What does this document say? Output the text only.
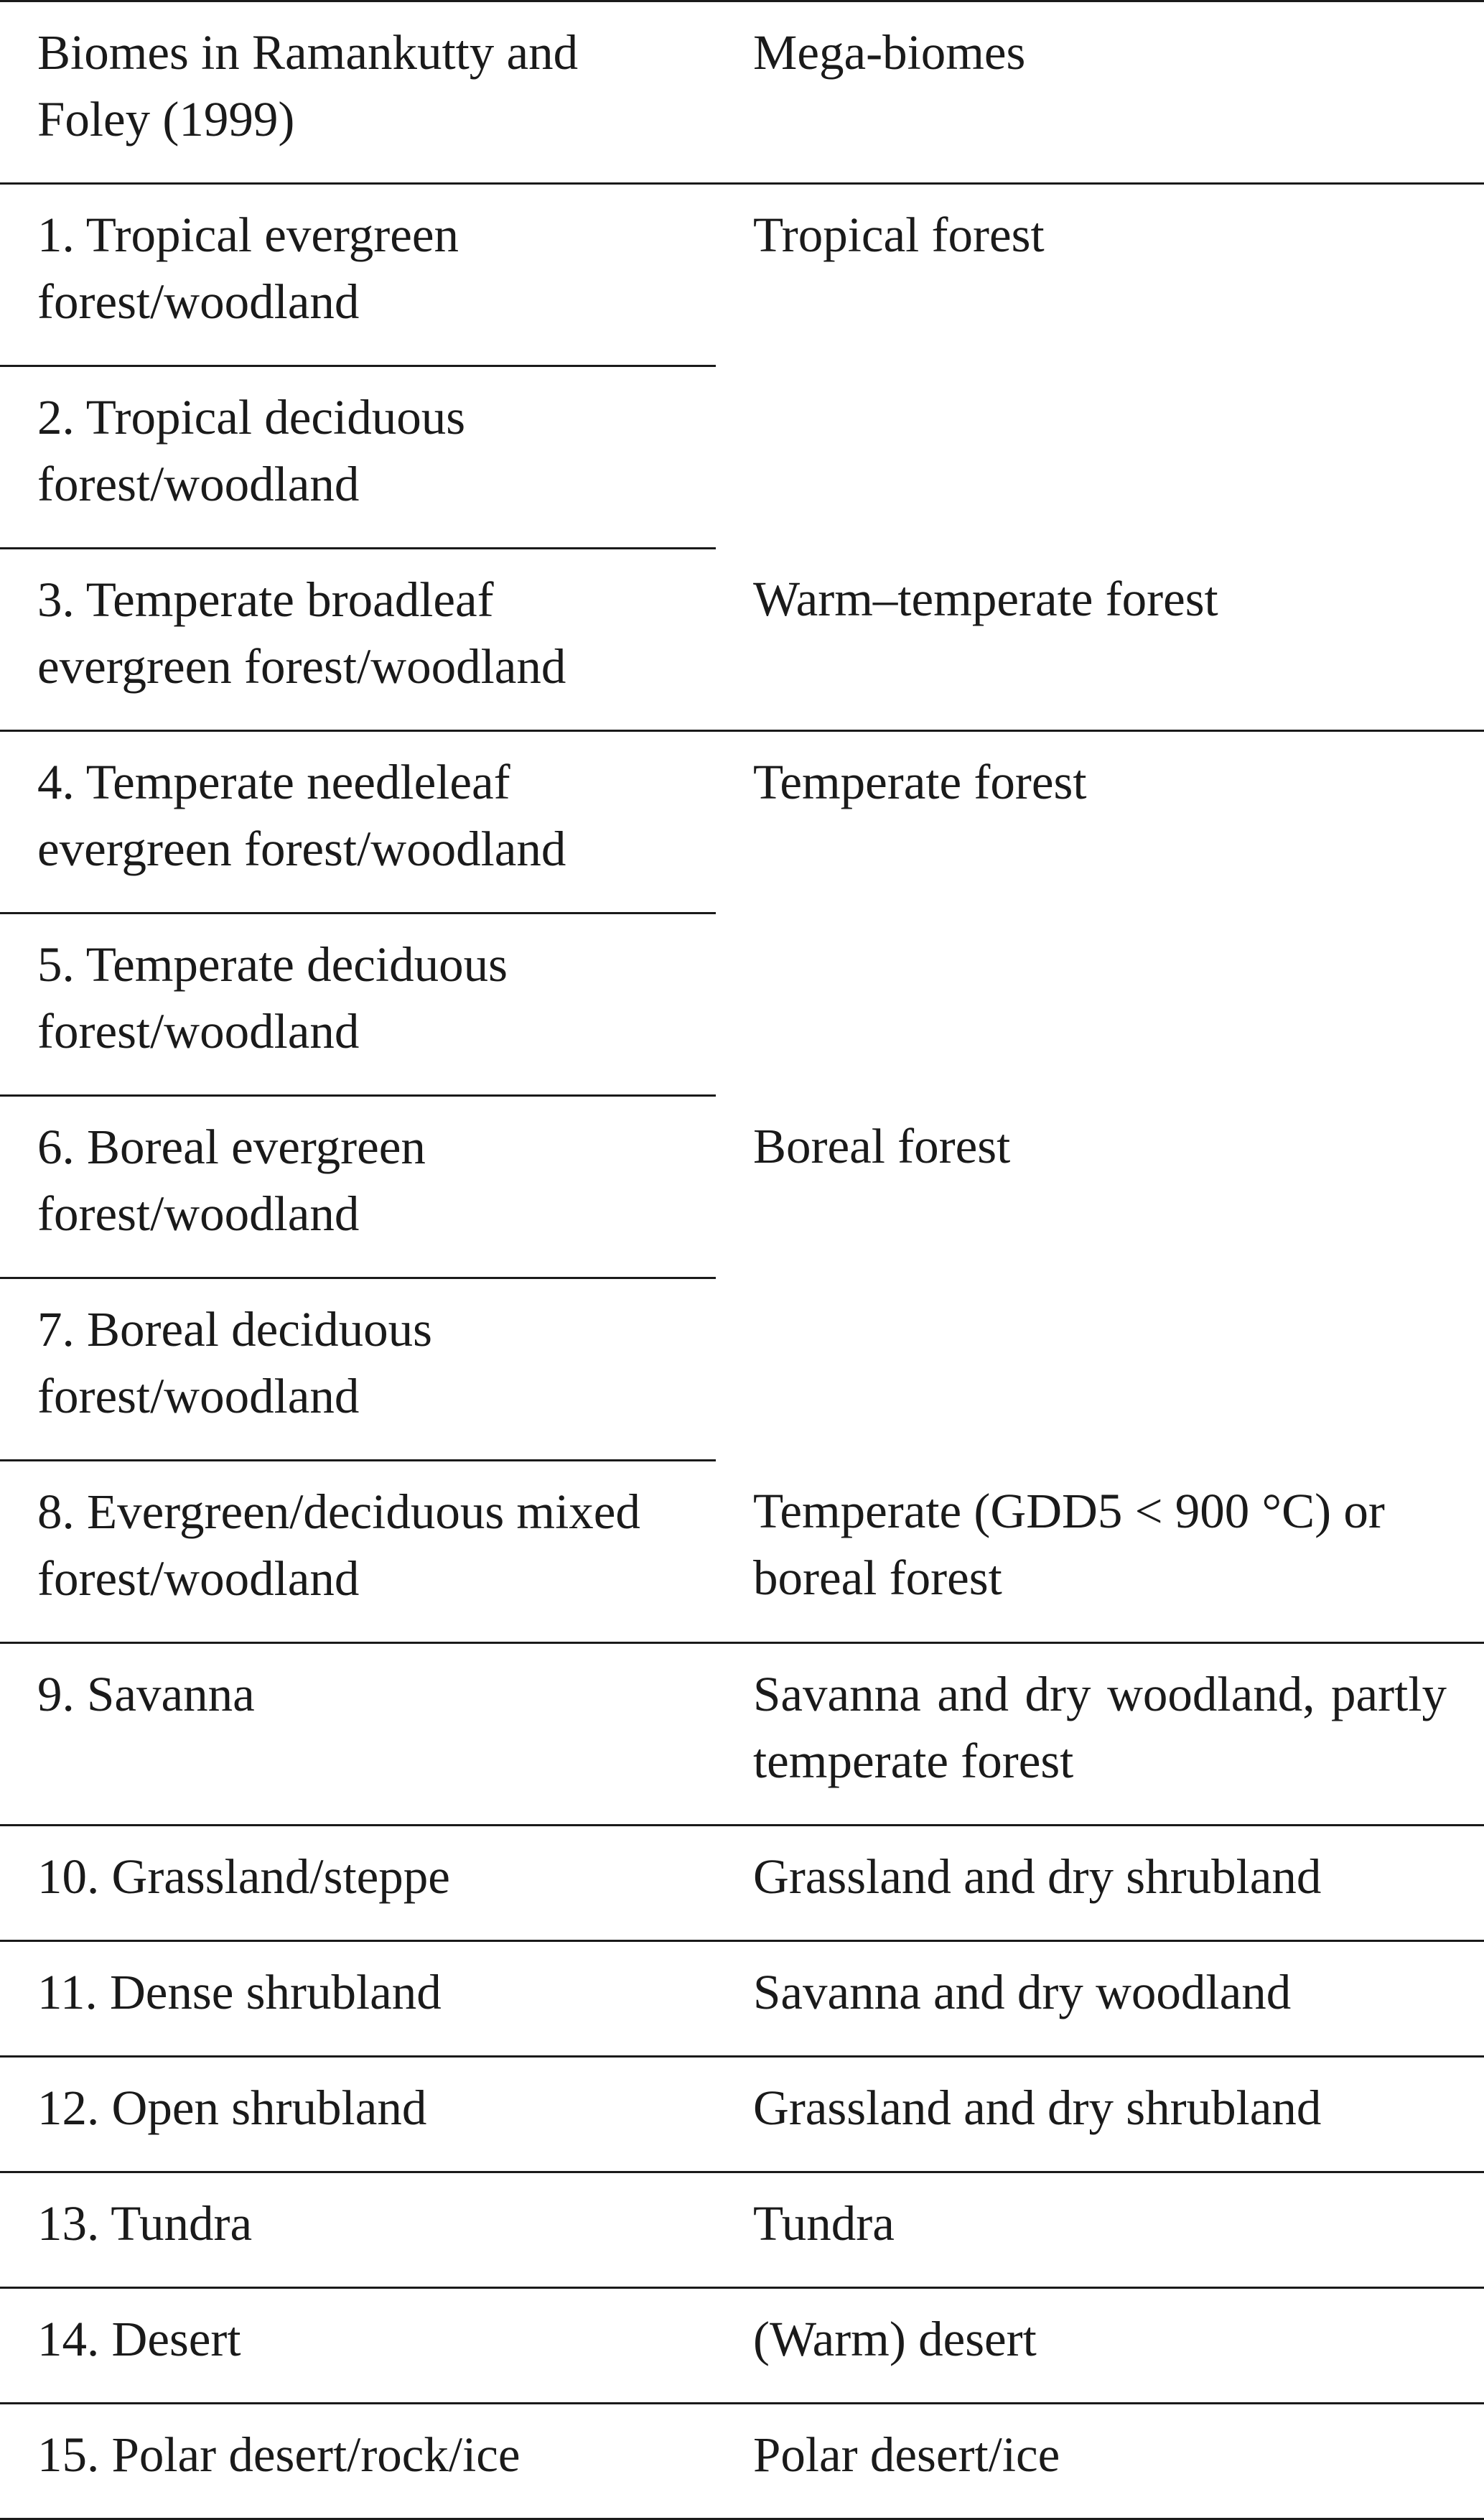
Biomes in Ramankutty and Foley (1999)	Mega-biomes
1. Tropical evergreen forest/woodland	Tropical forest
2. Tropical deciduous forest/woodland	
3. Temperate broadleaf evergreen forest/woodland	Warm–temperate forest
4. Temperate needleleaf evergreen forest/woodland	Temperate forest
5. Temperate deciduous forest/woodland	
6. Boreal evergreen forest/woodland	Boreal forest
7. Boreal deciduous forest/woodland	
8. Evergreen/deciduous mixed forest/woodland	Temperate (GDD5 < 900 °C) or boreal forest
9. Savanna	Savanna and dry woodland, partly temperate forest
10. Grassland/steppe	Grassland and dry shrubland
11. Dense shrubland	Savanna and dry woodland
12. Open shrubland	Grassland and dry shrubland
13. Tundra	Tundra
14. Desert	(Warm) desert
15. Polar desert/rock/ice	Polar desert/ice
